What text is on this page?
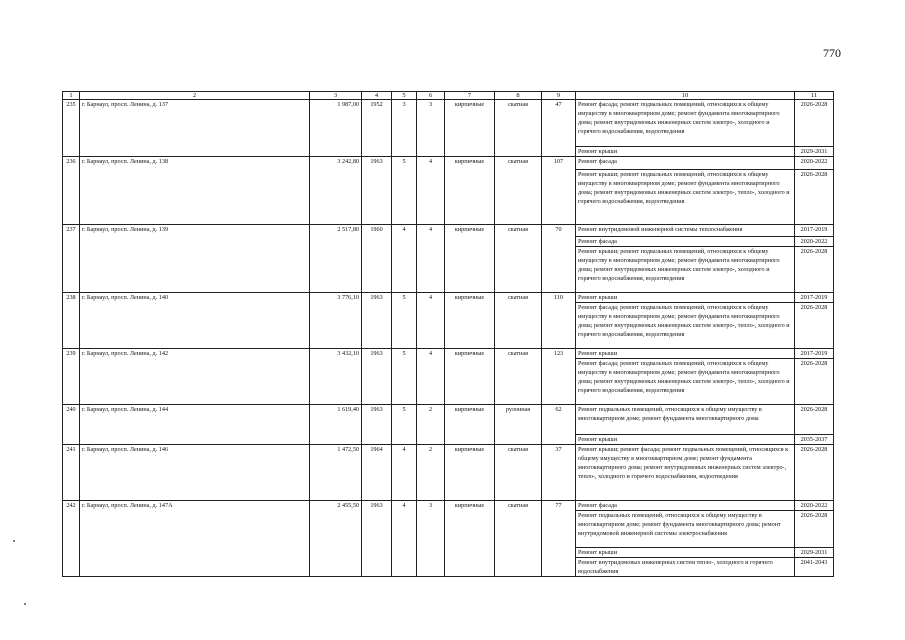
770
1	2	3	4	5	6	7	8	9	10	11
235	г. Барнаул, просп. Ленина, д. 137	1 987,00	1952	3	3	кирпичные	скатная	47	Ремонт фасада; ремонт подвальных помещений, относящихся к общему имуществу в многоквартирном доме; ремонт фундамента многоквартирного дома; ремонт внутридомовых инженерных систем электро-, холодного и горячего водоснабжения, водоотведения	2026-2028
									Ремонт крыши	2029-2031
236	г. Барнаул, просп. Ленина, д. 138	3 242,80	1963	5	4	кирпичные	скатная	107	Ремонт фасада	2020-2022
									Ремонт крыши; ремонт подвальных помещений, относящихся к общему имуществу в многоквартирном доме; ремонт фундамента многоквартирного дома; ремонт внутридомовых инженерных систем электро-, тепло-, холодного и горячего водоснабжения, водоотведения	2026-2028
237	г. Барнаул, просп. Ленина, д. 139	2 517,80	1960	4	4	кирпичные	скатная	70	Ремонт внутридомовой инженерной системы теплоснабжения	2017-2019
									Ремонт фасада	2020-2022
									Ремонт крыши; ремонт подвальных помещений, относящихся к общему имуществу в многоквартирном доме; ремонт фундамента многоквартирного дома; ремонт внутридомовых инженерных систем электро-, холодного и горячего водоснабжения, водоотведения	2026-2028
238	г. Барнаул, просп. Ленина, д. 140	3 776,10	1963	5	4	кирпичные	скатная	110	Ремонт крыши	2017-2019
									Ремонт фасада; ремонт подвальных помещений, относящихся к общему имуществу в многоквартирном доме; ремонт фундамента многоквартирного дома; ремонт внутридомовых инженерных систем электро-, тепло-, холодного и горячего водоснабжения, водоотведения	2026-2028
239	г. Барнаул, просп. Ленина, д. 142	3 432,10	1963	5	4	кирпичные	скатная	123	Ремонт крыши	2017-2019
									Ремонт фасада; ремонт подвальных помещений, относящихся к общему имуществу в многоквартирном доме; ремонт фундамента многоквартирного дома; ремонт внутридомовых инженерных систем электро-, тепло-, холодного и горячего водоснабжения, водоотведения	2026-2028
240	г. Барнаул, просп. Ленина, д. 144	1 619,40	1963	5	2	кирпичные	рулонная	62	Ремонт подвальных помещений, относящихся к общему имуществу в многоквартирном доме; ремонт фундамента многоквартирного дома	2026-2028
									Ремонт крыши	2035-2037
241	г. Барнаул, просп. Ленина, д. 146	1 472,50	1964	4	2	кирпичные	скатная	37	Ремонт крыши; ремонт фасада; ремонт подвальных помещений, относящихся к общему имуществу в многоквартирном доме; ремонт фундамента многоквартирного дома; ремонт внутридомовых инженерных систем электро-, тепло-, холодного и горячего водоснабжения, водоотведения	2026-2028
242	г. Барнаул, просп. Ленина, д. 147А	2 455,50	1963	4	3	кирпичные	скатная	77	Ремонт фасада	2020-2022
									Ремонт подвальных помещений, относящихся к общему имуществу в многоквартирном доме; ремонт фундамента многоквартирного дома; ремонт внутридомовой инженерной системы электроснабжения	2026-2028
									Ремонт крыши	2029-2031
									Ремонт внутридомовых инженерных систем тепло-, холодного и горячего водоснабжения	2041-2043
